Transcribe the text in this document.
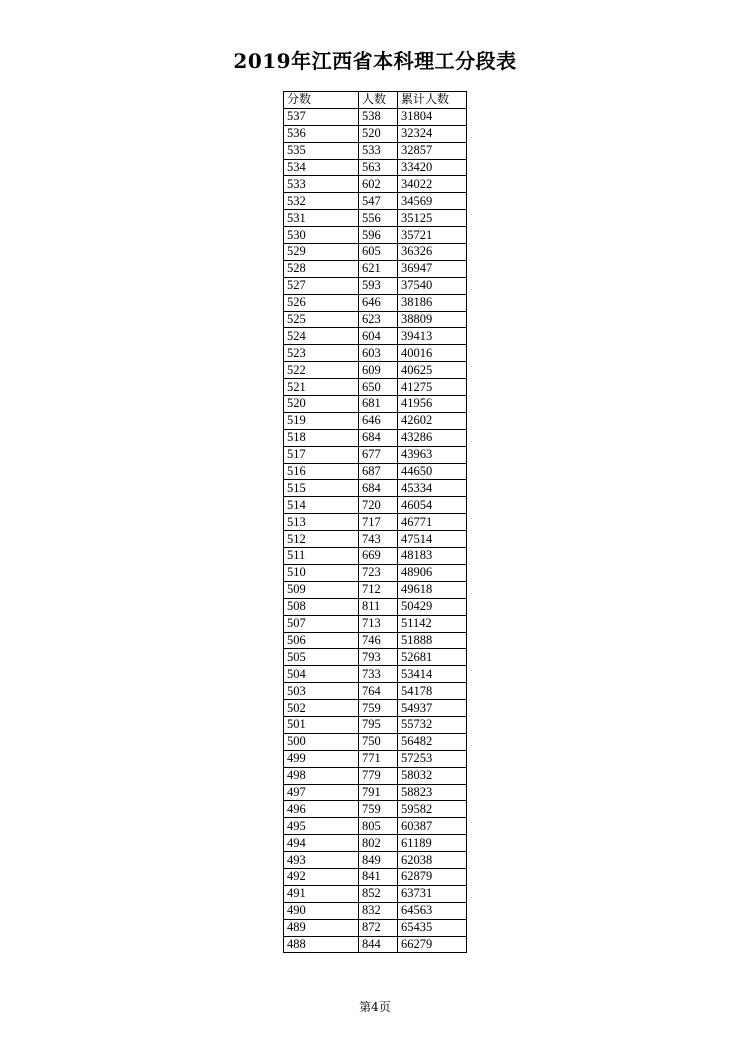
2019年江西省本科理工分段表
分数	人数	累计人数
537	538	31804
536	520	32324
535	533	32857
534	563	33420
533	602	34022
532	547	34569
531	556	35125
530	596	35721
529	605	36326
528	621	36947
527	593	37540
526	646	38186
525	623	38809
524	604	39413
523	603	40016
522	609	40625
521	650	41275
520	681	41956
519	646	42602
518	684	43286
517	677	43963
516	687	44650
515	684	45334
514	720	46054
513	717	46771
512	743	47514
511	669	48183
510	723	48906
509	712	49618
508	811	50429
507	713	51142
506	746	51888
505	793	52681
504	733	53414
503	764	54178
502	759	54937
501	795	55732
500	750	56482
499	771	57253
498	779	58032
497	791	58823
496	759	59582
495	805	60387
494	802	61189
493	849	62038
492	841	62879
491	852	63731
490	832	64563
489	872	65435
488	844	66279
第4页
